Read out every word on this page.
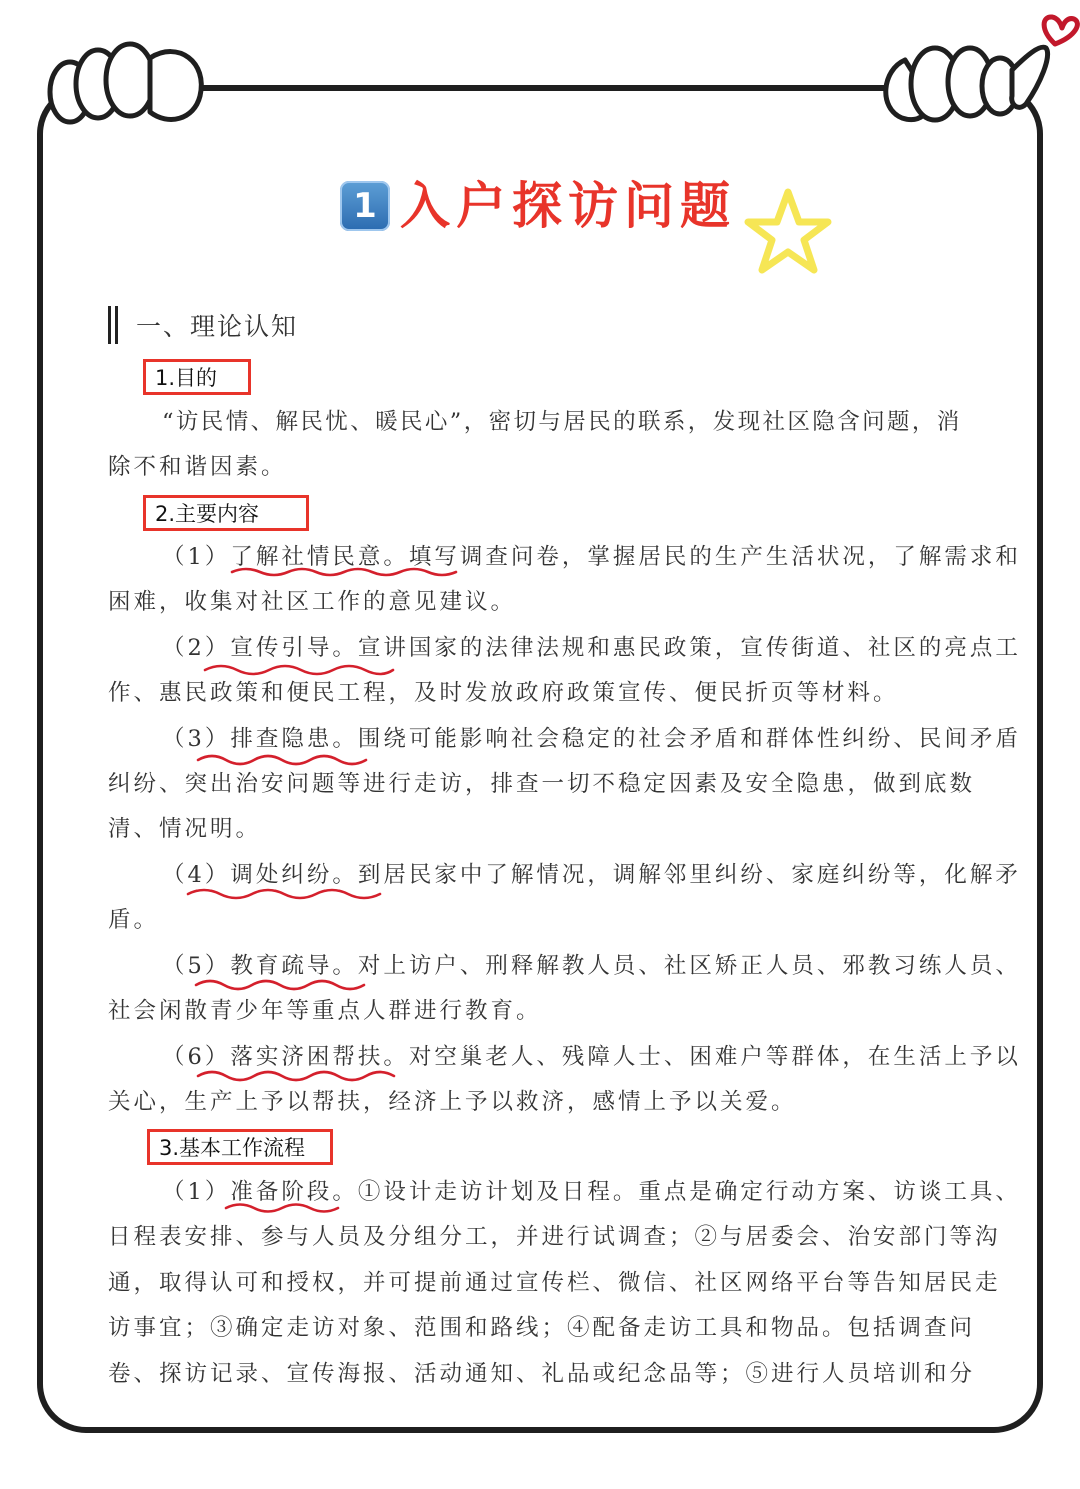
1 入户探访问题
一、理论认知
1.目的
“访民情、解民忧、暖民心”，密切与居民的联系，发现社区隐含问题，消
除不和谐因素。
2.主要内容
（1）了解社情民意。填写调查问卷，掌握居民的生产生活状况，了解需求和
困难，收集对社区工作的意见建议。
（2）宣传引导。宣讲国家的法律法规和惠民政策，宣传街道、社区的亮点工
作、惠民政策和便民工程，及时发放政府政策宣传、便民折页等材料。
（3）排查隐患。围绕可能影响社会稳定的社会矛盾和群体性纠纷、民间矛盾
纠纷、突出治安问题等进行走访，排查一切不稳定因素及安全隐患，做到底数
清、情况明。
（4）调处纠纷。到居民家中了解情况，调解邻里纠纷、家庭纠纷等，化解矛
盾。
（5）教育疏导。对上访户、刑释解教人员、社区矫正人员、邪教习练人员、
社会闲散青少年等重点人群进行教育。
（6）落实济困帮扶。对空巢老人、残障人士、困难户等群体，在生活上予以
关心，生产上予以帮扶，经济上予以救济，感情上予以关爱。
3.基本工作流程
（1）准备阶段。①设计走访计划及日程。重点是确定行动方案、访谈工具、
日程表安排、参与人员及分组分工，并进行试调查；②与居委会、治安部门等沟
通，取得认可和授权，并可提前通过宣传栏、微信、社区网络平台等告知居民走
访事宜；③确定走访对象、范围和路线；④配备走访工具和物品。包括调查问
卷、探访记录、宣传海报、活动通知、礼品或纪念品等；⑤进行人员培训和分
